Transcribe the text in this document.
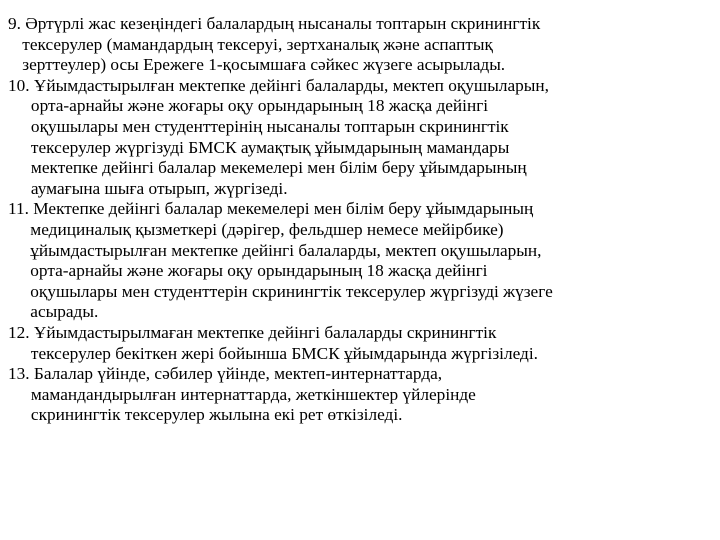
9. Әртүрлі жас кезеңіндегі балалардың нысаналы топтарын скринингтік
тексерулер (мамандардың тексеруі, зертханалық және аспаптық
зерттеулер) осы Ережеге 1-қосымшаға сәйкес жүзеге асырылады.
10. Ұйымдастырылған мектепке дейінгі балаларды, мектеп оқушыларын,
орта-арнайы және жоғары оқу орындарының 18 жасқа дейінгі
оқушылары мен студенттерінің нысаналы топтарын скринингтік
тексерулер жүргізуді БМСК аумақтық ұйымдарының мамандары
мектепке дейінгі балалар мекемелері мен білім беру ұйымдарының
аумағына шыға отырып, жүргізеді.
11. Мектепке дейінгі балалар мекемелері мен білім беру ұйымдарының
медициналық қызметкері (дәрігер, фельдшер немесе мейірбике)
ұйымдастырылған мектепке дейінгі балаларды, мектеп оқушыларын,
орта-арнайы және жоғары оқу орындарының 18 жасқа дейінгі
оқушылары мен студенттерін скринингтік тексерулер жүргізуді жүзеге
асырады.
12. Ұйымдастырылмаған мектепке дейінгі балаларды скринингтік
тексерулер бекіткен жері бойынша БМСК ұйымдарында жүргізіледі.
13. Балалар үйінде, сәбилер үйінде, мектеп-интернаттарда,
мамандандырылған интернаттарда, жеткіншектер үйлерінде
скринингтік тексерулер жылына екі рет өткізіледі.
